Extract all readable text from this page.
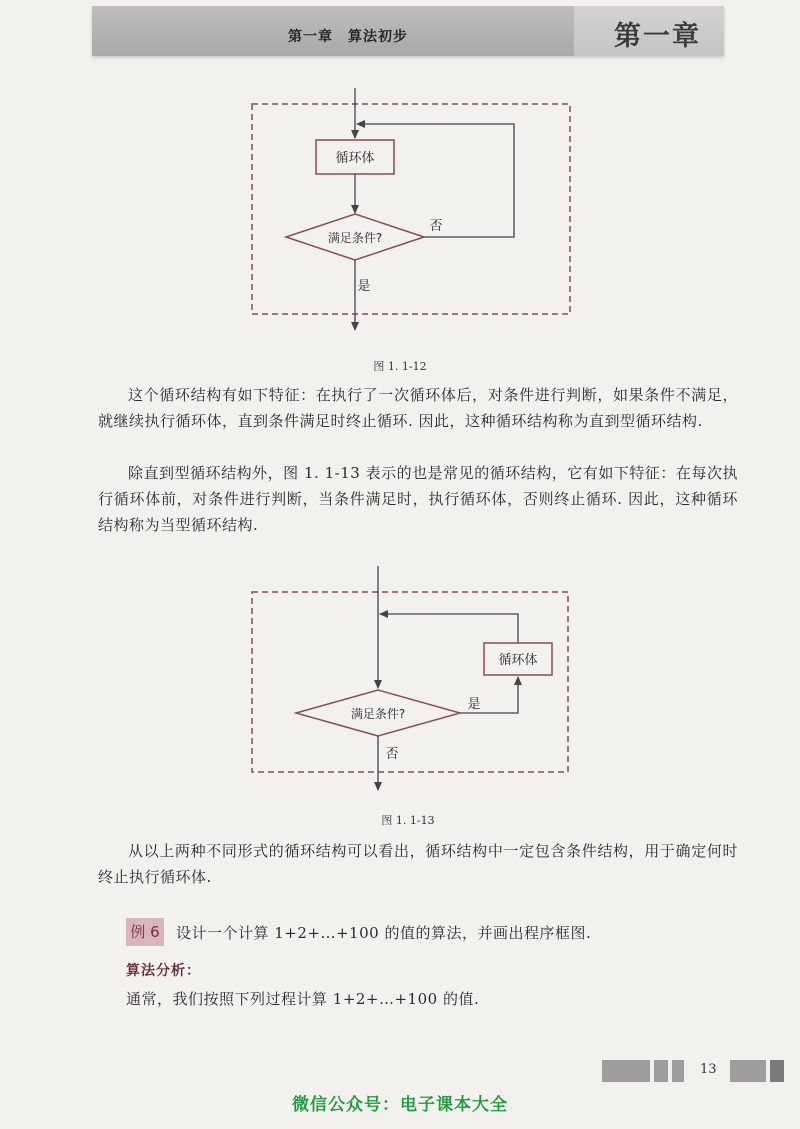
第一章　算法初步	第一章
循环体
满足条件?
否
是
循环体
满足条件?
是
否
图 1. 1-12

这个循环结构有如下特征：在执行了一次循环体后，对条件进行判断，如果条件不满足，就继续执行循环体，直到条件满足时终止循环. 因此，这种循环结构称为直到型循环结构.

除直到型循环结构外，图 1. 1-13 表示的也是常见的循环结构，它有如下特征：在每次执行循环体前，对条件进行判断，当条件满足时，执行循环体，否则终止循环. 因此，这种循环结构称为当型循环结构.

图 1. 1-13

从以上两种不同形式的循环结构可以看出，循环结构中一定包含条件结构，用于确定何时终止执行循环体.

例 6 设计一个计算 1+2+…+100 的值的算法，并画出程序框图.
算法分析：
通常，我们按照下列过程计算 1+2+…+100 的值.
13
微信公众号：电子课本大全
